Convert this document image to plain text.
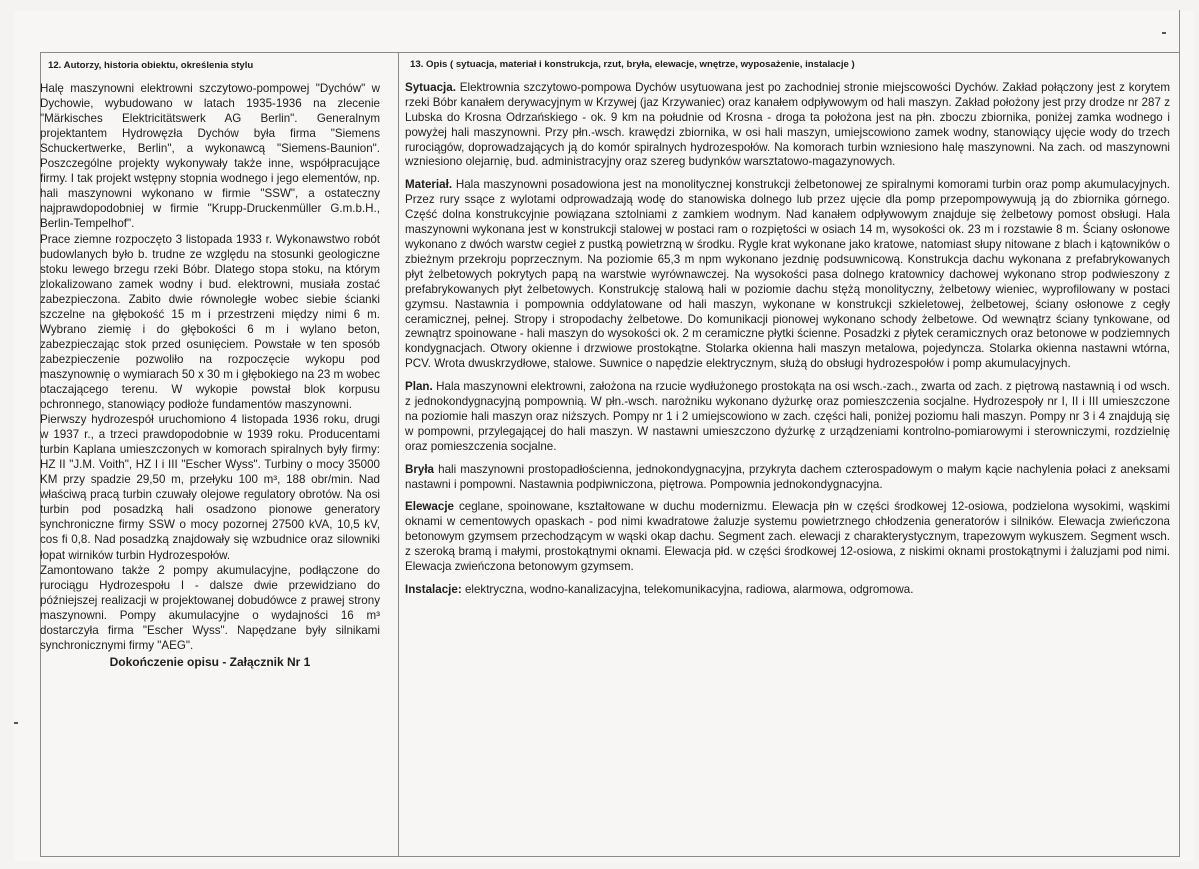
12. Autorzy, historia obiektu, określenia stylu

Halę maszynowni elektrowni szczytowo-pompowej "Dychów" w Dychowie, wybudowano w latach 1935-1936 na zlecenie "Märkisches Elektricitätswerk AG Berlin". Generalnym projektantem Hydrowęzła Dychów była firma "Siemens Schuckertwerke, Berlin", a wykonawcą "Siemens-Baunion". Poszczególne projekty wykonywały także inne, współpracujące firmy. I tak projekt wstępny stopnia wodnego i jego elementów, np. hali maszynowni wykonano w firmie "SSW", a ostateczny najprawdopodobniej w firmie "Krupp-Druckenmüller G.m.b.H., Berlin-Tempelhof".

Prace ziemne rozpoczęto 3 listopada 1933 r. Wykonawstwo robót budowlanych było b. trudne ze względu na stosunki geologiczne stoku lewego brzegu rzeki Bóbr. Dlatego stopa stoku, na którym zlokalizowano zamek wodny i bud. elektrowni, musiała zostać zabezpieczona. Zabito dwie równoległe wobec siebie ścianki szczelne na głębokość 15 m i przestrzeni między nimi 6 m. Wybrano ziemię i do głębokości 6 m i wylano beton, zabezpieczając stok przed osunięciem. Powstałe w ten sposób zabezpieczenie pozwoliło na rozpoczęcie wykopu pod maszynownię o wymiarach 50 x 30 m i głębokiego na 23 m wobec otaczającego terenu. W wykopie powstał blok korpusu ochronnego, stanowiący podłoże fundamentów maszynowni.

Pierwszy hydrozespół uruchomiono 4 listopada 1936 roku, drugi w 1937 r., a trzeci prawdopodobnie w 1939 roku. Producentami turbin Kaplana umieszczonych w komorach spiralnych były firmy: HZ II "J.M. Voith", HZ I i III "Escher Wyss". Turbiny o mocy 35000 KM przy spadzie 29,50 m, przełyku 100 m³, 188 obr/min. Nad właściwą pracą turbin czuwały olejowe regulatory obrotów. Na osi turbin pod posadzką hali osadzono pionowe generatory synchroniczne firmy SSW o mocy pozornej 27500 kVA, 10,5 kV, cos fi 0,8. Nad posadzką znajdowały się wzbudnice oraz silowniki łopat wirników turbin Hydrozespołów.

Zamontowano także 2 pompy akumulacyjne, podłączone do rurociągu Hydrozespołu I - dalsze dwie przewidziano do późniejszej realizacji w projektowanej dobudówce z prawej strony maszynowni. Pompy akumulacyjne o wydajności 16 m³ dostarczyła firma "Escher Wyss". Napędzane były silnikami synchronicznymi firmy "AEG".

Dokończenie opisu - Załącznik Nr 1
13. Opis ( sytuacja, materiał i konstrukcja, rzut, bryła, elewacje, wnętrze, wyposażenie, instalacje )

Sytuacja. Elektrownia szczytowo-pompowa Dychów usytuowana jest po zachodniej stronie miejscowości Dychów. Zakład połączony jest z korytem rzeki Bóbr kanałem derywacyjnym w Krzywej (jaz Krzywaniec) oraz kanałem odpływowym od hali maszyn. Zakład położony jest przy drodze nr 287 z Lubska do Krosna Odrzańskiego - ok. 9 km na południe od Krosna - droga ta położona jest na płn. zboczu zbiornika, poniżej zamka wodnego i powyżej hali maszynowni. Przy płn.-wsch. krawędzi zbiornika, w osi hali maszyn, umiejscowiono zamek wodny, stanowiący ujęcie wody do trzech rurociągów, doprowadzających ją do komór spiralnych hydrozespołów. Na komorach turbin wzniesiono halę maszynowni. Na zach. od maszynowni wzniesiono olejarnię, bud. administracyjny oraz szereg budynków warsztatowo-magazynowych.

Materiał. Hala maszynowni posadowiona jest na monolitycznej konstrukcji żelbetonowej ze spiralnymi komorami turbin oraz pomp akumulacyjnych. Przez rury ssące z wylotami odprowadzają wodę do stanowiska dolnego lub przez ujęcie dla pomp przepompowywują ją do zbiornika górnego. Część dolna konstrukcyjnie powiązana sztolniami z zamkiem wodnym. Nad kanałem odpływowym znajduje się żelbetowy pomost obsługi. Hala maszynowni wykonana jest w konstrukcji stalowej w postaci ram o rozpiętości w osiach 14 m, wysokości ok. 23 m i rozstawie 8 m. Ściany osłonowe wykonano z dwóch warstw cegieł z pustką powietrzną w środku. Rygle krat wykonane jako kratowe, natomiast słupy nitowane z blach i kątowników o zbieżnym przekroju poprzecznym. Na poziomie 65,3 m npm wykonano jezdnię podsuwnicową. Konstrukcja dachu wykonana z prefabrykowanych płyt żelbetowych pokrytych papą na warstwie wyrównawczej. Na wysokości pasa dolnego kratownicy dachowej wykonano strop podwieszony z prefabrykowanych płyt żelbetowych. Konstrukcję stalową hali w poziomie dachu stężą monolityczny, żelbetowy wieniec, wyprofilowany w postaci gzymsu. Nastawnia i pompownia oddylatowane od hali maszyn, wykonane w konstrukcji szkieletowej, żelbetowej, ściany osłonowe z cegły ceramicznej, pełnej. Stropy i stropodachy żelbetowe. Do komunikacji pionowej wykonano schody żelbetowe. Od wewnątrz ściany tynkowane, od zewnątrz spoinowane - hali maszyn do wysokości ok. 2 m ceramiczne płytki ścienne. Posadzki z płytek ceramicznych oraz betonowe w podziemnych kondygnacjach. Otwory okienne i drzwiowe prostokątne. Stolarka okienna hali maszyn metalowa, pojedyncza. Stolarka okienna nastawni wtórna, PCV. Wrota dwuskrzydłowe, stalowe. Suwnice o napędzie elektrycznym, służą do obsługi hydrozespołów i pomp akumulacyjnych.

Plan. Hala maszynowni elektrowni, założona na rzucie wydłużonego prostokąta na osi wsch.-zach., zwarta od zach. z piętrową nastawnią i od wsch. z jednokondygnacyjną pompownią. W płn.-wsch. narożniku wykonano dyżurkę oraz pomieszczenia socjalne. Hydrozespoły nr I, II i III umieszczone na poziomie hali maszyn oraz niższych. Pompy nr 1 i 2 umiejscowiono w zach. części hali, poniżej poziomu hali maszyn. Pompy nr 3 i 4 znajdują się w pompowni, przylegającej do hali maszyn. W nastawni umieszczono dyżurkę z urządzeniami kontrolno-pomiarowymi i sterowniczymi, rozdzielnię oraz pomieszczenia socjalne.

Bryła hali maszynowni prostopadłościenna, jednokondygnacyjna, przykryta dachem czterospadowym o małym kącie nachylenia połaci z aneksami nastawni i pompowni. Nastawnia podpiwniczona, piętrowa. Pompownia jednokondygnacyjna.

Elewacje ceglane, spoinowane, kształtowane w duchu modernizmu. Elewacja płn w części środkowej 12-osiowa, podzielona wysokimi, wąskimi oknami w cementowych opaskach - pod nimi kwadratowe żaluzje systemu powietrznego chłodzenia generatorów i silników. Elewacja zwieńczona betonowym gzymsem przechodzącym w wąski okap dachu. Segment zach. elewacji z charakterystycznym, trapezowym wykuszem. Segment wsch. z szeroką bramą i małymi, prostokątnymi oknami. Elewacja płd. w części środkowej 12-osiowa, z niskimi oknami prostokątnymi i żaluzjami pod nimi. Elewacja zwieńczona betonowym gzymsem.

Instalacje: elektryczna, wodno-kanalizacyjna, telekomunikacyjna, radiowa, alarmowa, odgromowa.
